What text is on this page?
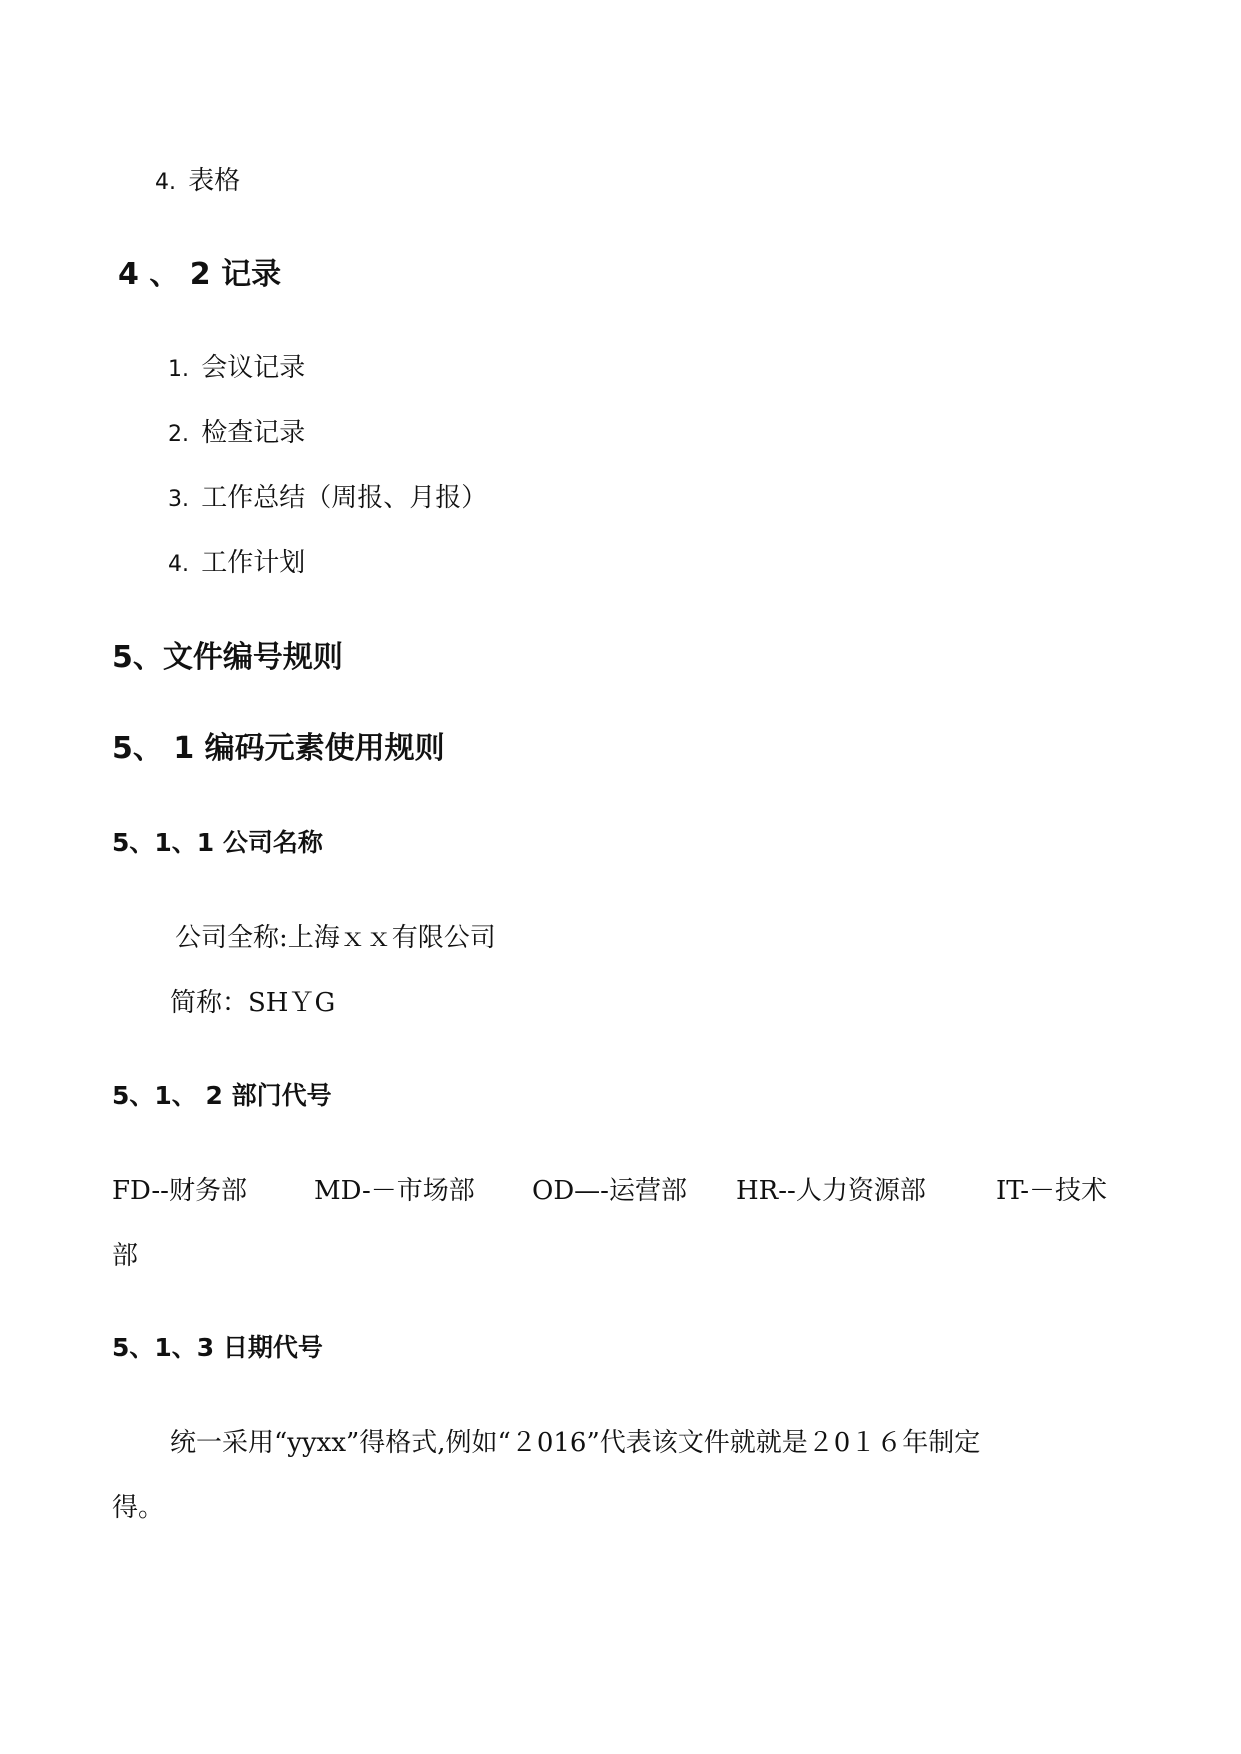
4. 表格
4 、 2 记录
1. 会议记录
2. 检查记录
3. 工作总结（周报、月报）
4. 工作计划
5、文件编号规则
5、 1 编码元素使用规则
5、1、1 公司名称
公司全称:上海ｘｘ有限公司
简称：SHＹG
5、1、 2 部门代号
FD--财务部	MD-－市场部 OD—-运营部 HR--人力资源部	IT-－技术
部
5、1、3 日期代号
统一采用“yyxx”得格式,例如“２016”代表该文件就就是２0１６年制定
得。
